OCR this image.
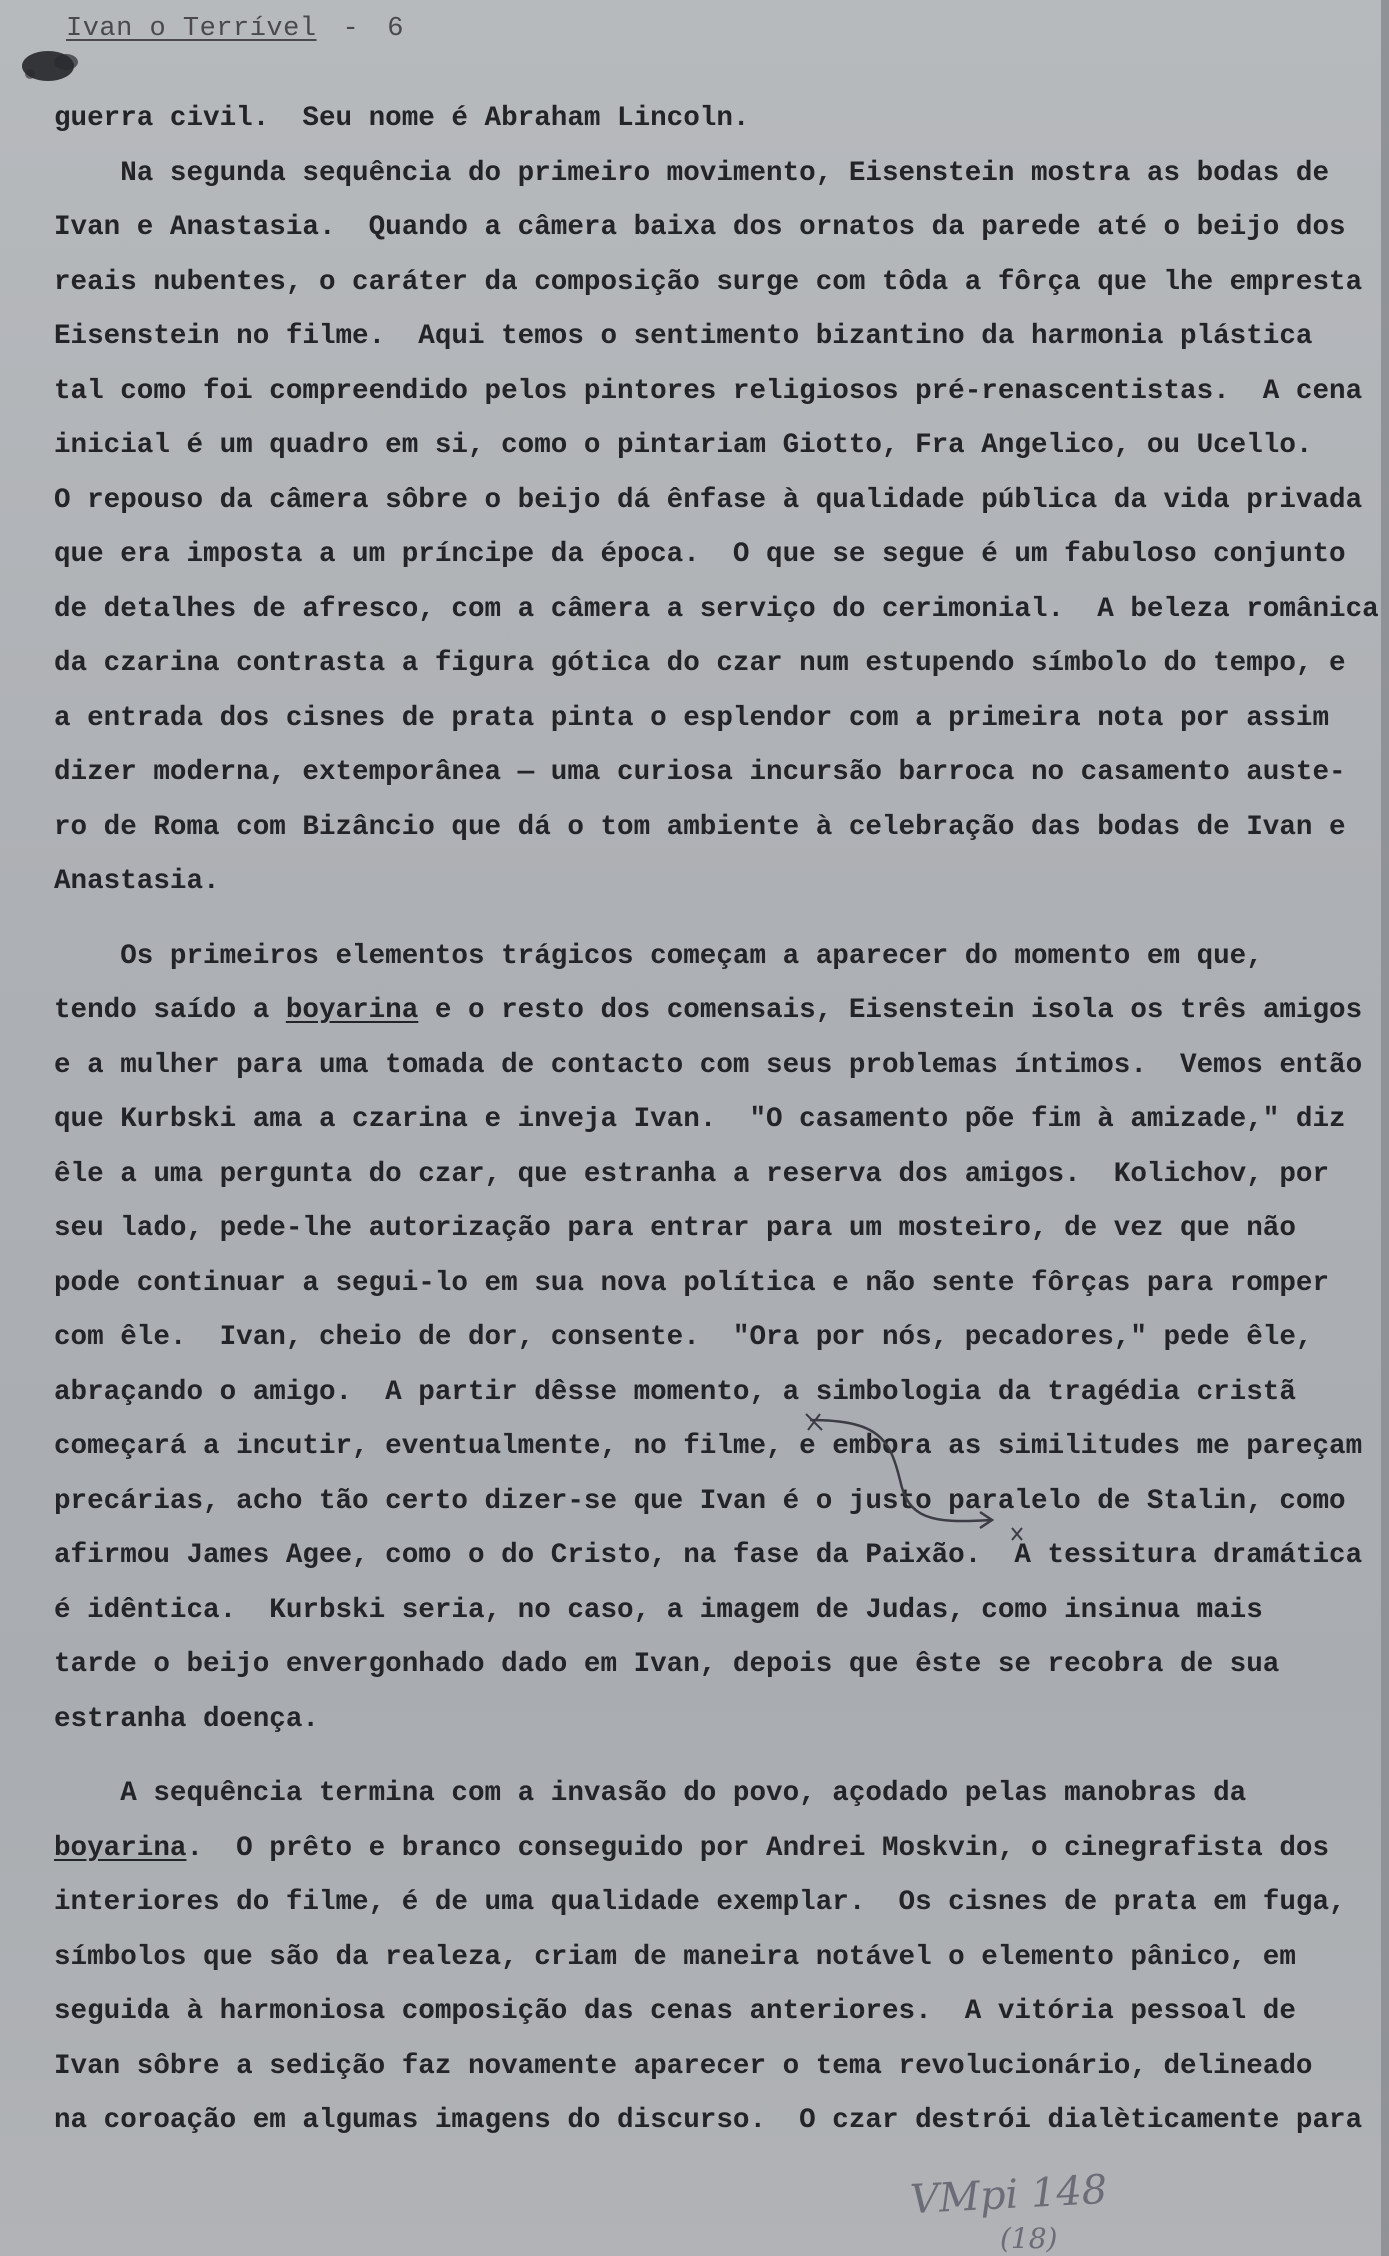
Ivan o Terrível - 6
guerra civil.  Seu nome é Abraham Lincoln.
Na segunda sequência do primeiro movimento, Eisenstein mostra as bodas de
Ivan e Anastasia.  Quando a câmera baixa dos ornatos da parede até o beijo dos
reais nubentes, o caráter da composição surge com tôda a fôrça que lhe empresta
Eisenstein no filme.  Aqui temos o sentimento bizantino da harmonia plástica
tal como foi compreendido pelos pintores religiosos pré-renascentistas.  A cena
inicial é um quadro em si, como o pintariam Giotto, Fra Angelico, ou Ucello.
O repouso da câmera sôbre o beijo dá ênfase à qualidade pública da vida privada
que era imposta a um príncipe da época.  O que se segue é um fabuloso conjunto
de detalhes de afresco, com a câmera a serviço do cerimonial.  A beleza românica
da czarina contrasta a figura gótica do czar num estupendo símbolo do tempo, e
a entrada dos cisnes de prata pinta o esplendor com a primeira nota por assim
dizer moderna, extemporânea — uma curiosa incursão barroca no casamento auste-
ro de Roma com Bizâncio que dá o tom ambiente à celebração das bodas de Ivan e
Anastasia.
Os primeiros elementos trágicos começam a aparecer do momento em que,
tendo saído a boyarina e o resto dos comensais, Eisenstein isola os três amigos
e a mulher para uma tomada de contacto com seus problemas íntimos.  Vemos então
que Kurbski ama a czarina e inveja Ivan.  "O casamento põe fim à amizade," diz
êle a uma pergunta do czar, que estranha a reserva dos amigos.  Kolichov, por
seu lado, pede-lhe autorização para entrar para um mosteiro, de vez que não
pode continuar a segui-lo em sua nova política e não sente fôrças para romper
com êle.  Ivan, cheio de dor, consente.  "Ora por nós, pecadores," pede êle,
abraçando o amigo.  A partir dêsse momento, a simbologia da tragédia cristã
começará a incutir, eventualmente, no filme, e embora as similitudes me pareçam
precárias, acho tão certo dizer-se que Ivan é o justo paralelo de Stalin, como
afirmou James Agee, como o do Cristo, na fase da Paixão.  A tessitura dramática
é idêntica.  Kurbski seria, no caso, a imagem de Judas, como insinua mais
tarde o beijo envergonhado dado em Ivan, depois que êste se recobra de sua
estranha doença.
A sequência termina com a invasão do povo, açodado pelas manobras da
boyarina.  O prêto e branco conseguido por Andrei Moskvin, o cinegrafista dos
interiores do filme, é de uma qualidade exemplar.  Os cisnes de prata em fuga,
símbolos que são da realeza, criam de maneira notável o elemento pânico, em
seguida à harmoniosa composição das cenas anteriores.  A vitória pessoal de
Ivan sôbre a sedição faz novamente aparecer o tema revolucionário, delineado
na coroação em algumas imagens do discurso.  O czar destrói dialèticamente para
VMpi 148
(18)
